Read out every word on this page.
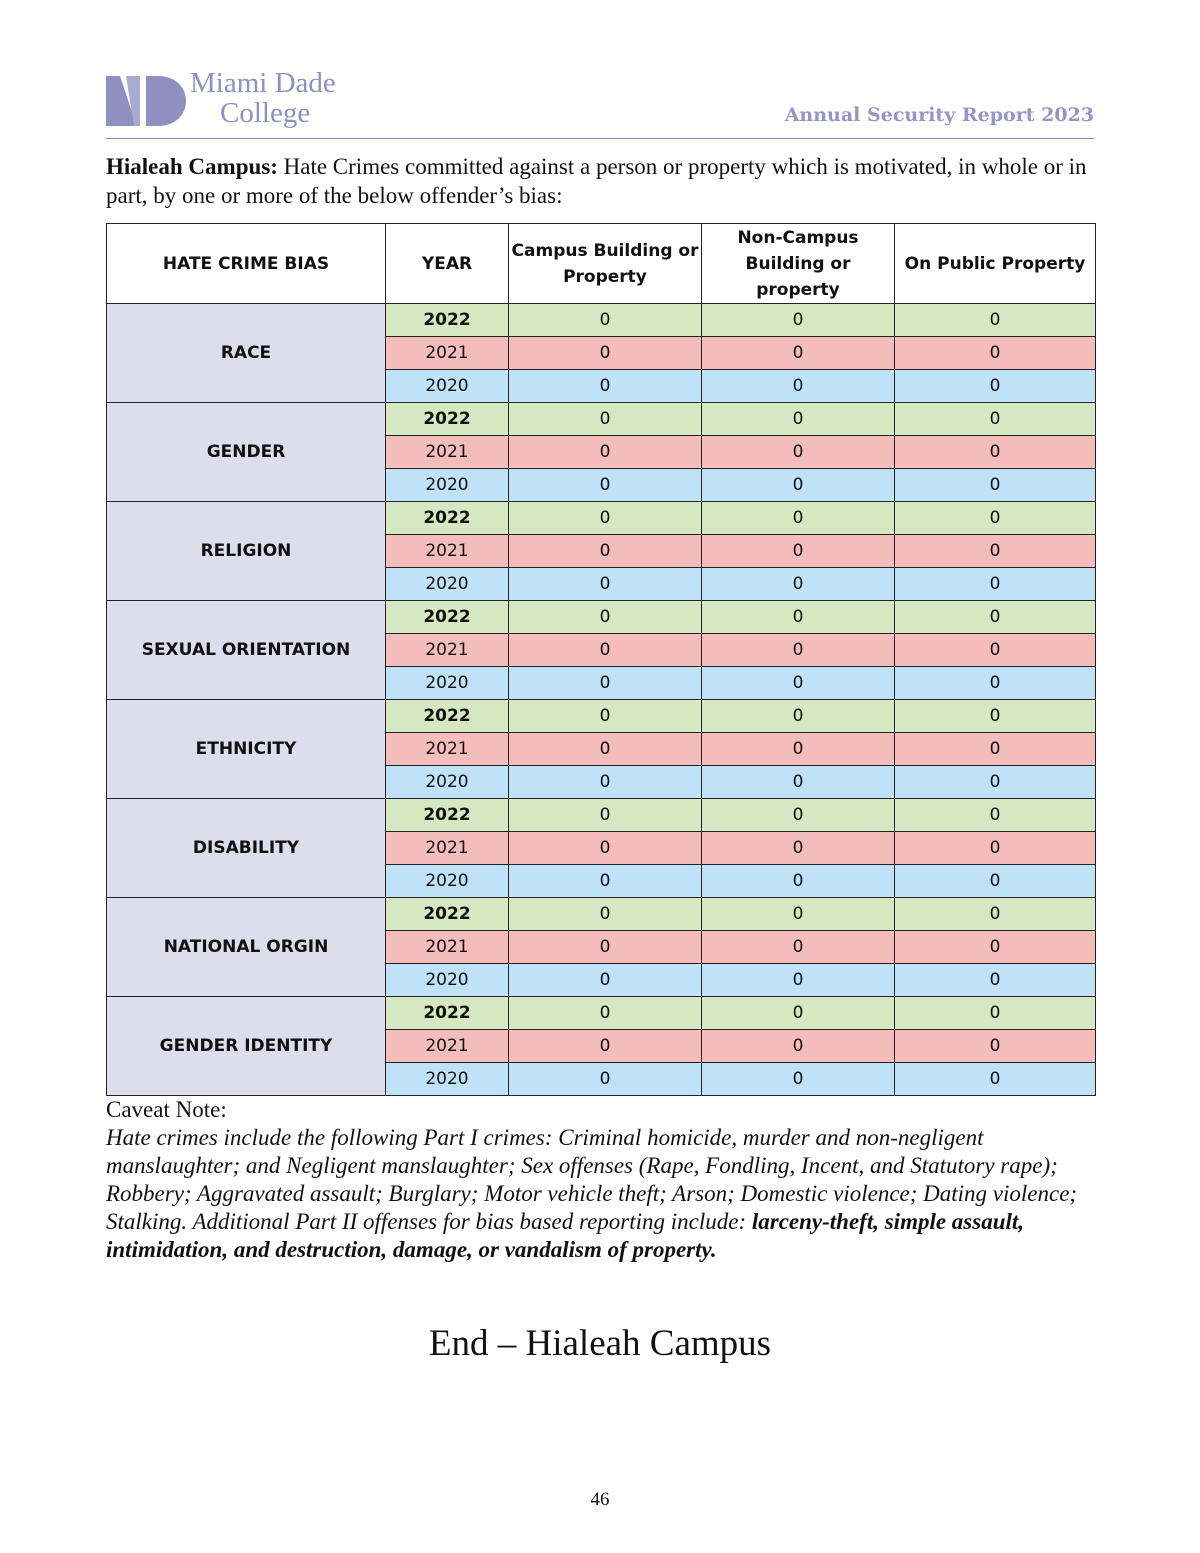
Miami Dade
College	Annual Security Report 2023
Hialeah Campus: Hate Crimes committed against a person or property which is motivated, in whole or in part, by one or more of the below offender’s bias:
HATE CRIME BIAS	YEAR	Campus Building or Property	Non-Campus Building or property	On Public Property
RACE	2022	0	0	0
	2021	0	0	0
	2020	0	0	0
GENDER	2022	0	0	0
	2021	0	0	0
	2020	0	0	0
RELIGION	2022	0	0	0
	2021	0	0	0
	2020	0	0	0
SEXUAL ORIENTATION	2022	0	0	0
	2021	0	0	0
	2020	0	0	0
ETHNICITY	2022	0	0	0
	2021	0	0	0
	2020	0	0	0
DISABILITY	2022	0	0	0
	2021	0	0	0
	2020	0	0	0
NATIONAL ORGIN	2022	0	0	0
	2021	0	0	0
	2020	0	0	0
GENDER IDENTITY	2022	0	0	0
	2021	0	0	0
	2020	0	0	0
Caveat Note:
Hate crimes include the following Part I crimes: Criminal homicide, murder and non-negligent manslaughter; and Negligent manslaughter; Sex offenses (Rape, Fondling, Incent, and Statutory rape); Robbery; Aggravated assault; Burglary; Motor vehicle theft; Arson; Domestic violence; Dating violence; Stalking. Additional Part II offenses for bias based reporting include: larceny-theft, simple assault, intimidation, and destruction, damage, or vandalism of property.
End – Hialeah Campus
46
